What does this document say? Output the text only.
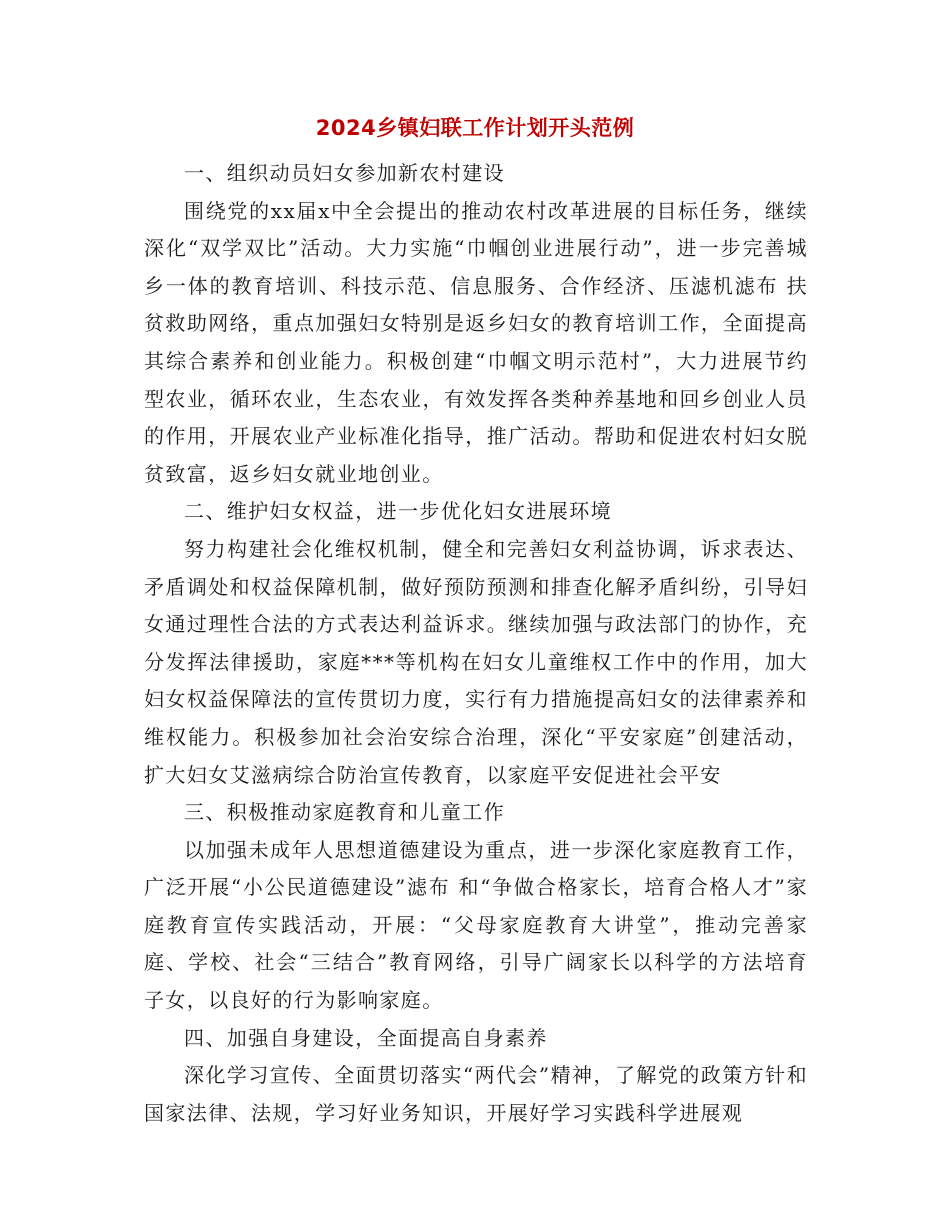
2024乡镇妇联工作计划开头范例

一、组织动员妇女参加新农村建设

围绕党的xx届x中全会提出的推动农村改革进展的目标任务，继续深化“双学双比”活动。大力实施“巾帼创业进展行动”，进一步完善城乡一体的教育培训、科技示范、信息服务、合作经济、压滤机滤布 扶贫救助网络，重点加强妇女特别是返乡妇女的教育培训工作，全面提高其综合素养和创业能力。积极创建“巾帼文明示范村”，大力进展节约型农业，循环农业，生态农业，有效发挥各类种养基地和回乡创业人员的作用，开展农业产业标准化指导，推广活动。帮助和促进农村妇女脱贫致富，返乡妇女就业地创业。

二、维护妇女权益，进一步优化妇女进展环境

努力构建社会化维权机制，健全和完善妇女利益协调，诉求表达、矛盾调处和权益保障机制，做好预防预测和排查化解矛盾纠纷，引导妇女通过理性合法的方式表达利益诉求。继续加强与政法部门的协作，充分发挥法律援助，家庭***等机构在妇女儿童维权工作中的作用，加大妇女权益保障法的宣传贯切力度，实行有力措施提高妇女的法律素养和维权能力。积极参加社会治安综合治理，深化“平安家庭”创建活动，扩大妇女艾滋病综合防治宣传教育，以家庭平安促进社会平安

三、积极推动家庭教育和儿童工作

以加强未成年人思想道德建设为重点，进一步深化家庭教育工作，广泛开展“小公民道德建设”滤布 和“争做合格家长，培育合格人才”家庭教育宣传实践活动，开展：“父母家庭教育大讲堂”，推动完善家庭、学校、社会“三结合”教育网络，引导广阔家长以科学的方法培育子女，以良好的行为影响家庭。

四、加强自身建设，全面提高自身素养

深化学习宣传、全面贯切落实“两代会”精神，了解党的政策方针和国家法律、法规，学习好业务知识，开展好学习实践科学进展观
